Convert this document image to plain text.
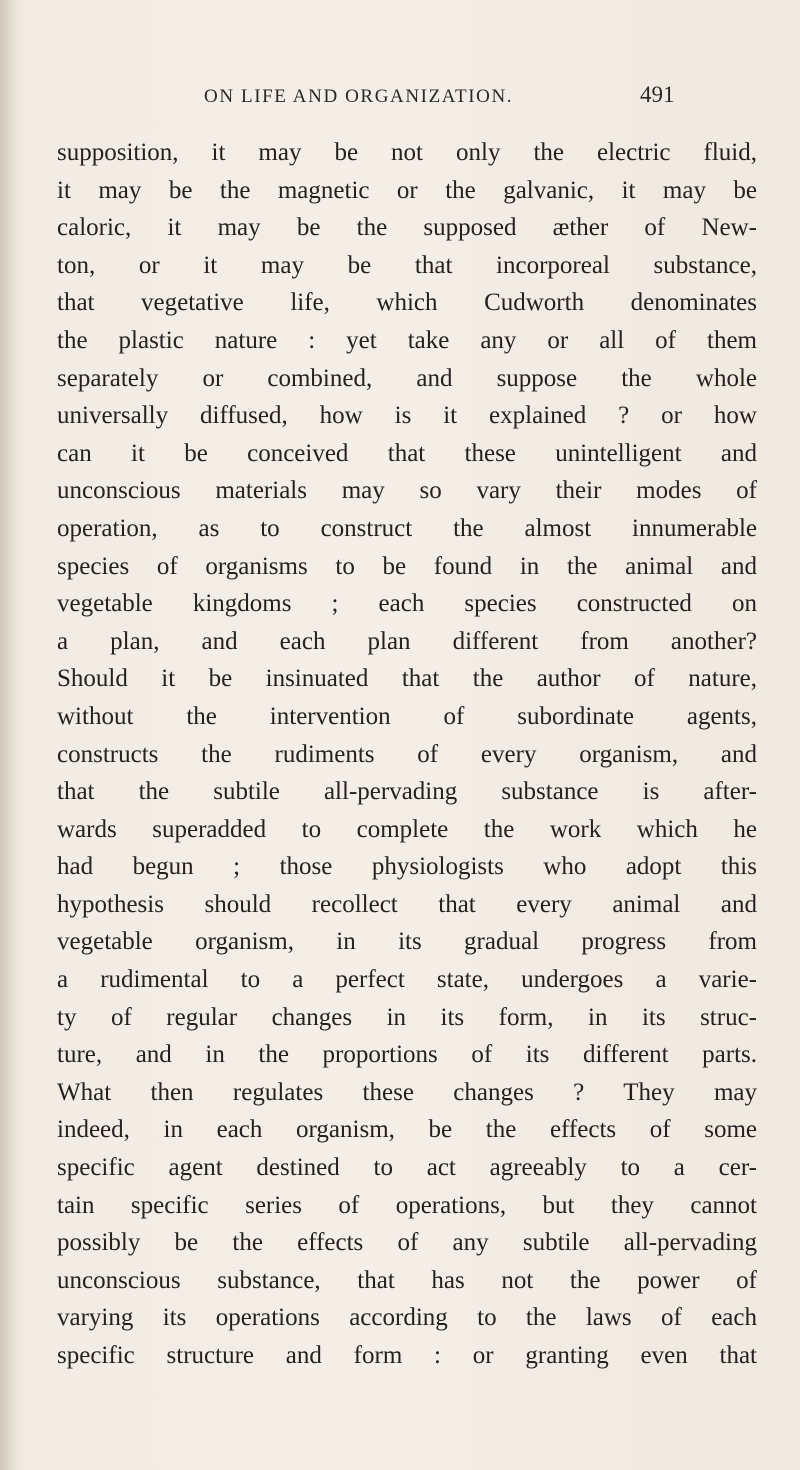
ON LIFE AND ORGANIZATION.	491
supposition, it may be not only the electric fluid,
it may be the magnetic or the galvanic, it may be
caloric, it may be the supposed æther of New-
ton, or it may be that incorporeal substance,
that vegetative life, which Cudworth denominates
the plastic nature : yet take any or all of them
separately or combined, and suppose the whole
universally diffused, how is it explained ? or how
can it be conceived that these unintelligent and
unconscious materials may so vary their modes of
operation, as to construct the almost innumerable
species of organisms to be found in the animal and
vegetable kingdoms ; each species constructed on
a plan, and each plan different from another?
Should it be insinuated that the author of nature,
without the intervention of subordinate agents,
constructs the rudiments of every organism, and
that the subtile all-pervading substance is after-
wards superadded to complete the work which he
had begun ; those physiologists who adopt this
hypothesis should recollect that every animal and
vegetable organism, in its gradual progress from
a rudimental to a perfect state, undergoes a varie-
ty of regular changes in its form, in its struc-
ture, and in the proportions of its different parts.
What then regulates these changes ? They may
indeed, in each organism, be the effects of some
specific agent destined to act agreeably to a cer-
tain specific series of operations, but they cannot
possibly be the effects of any subtile all-pervading
unconscious substance, that has not the power of
varying its operations according to the laws of each
specific structure and form : or granting even that
